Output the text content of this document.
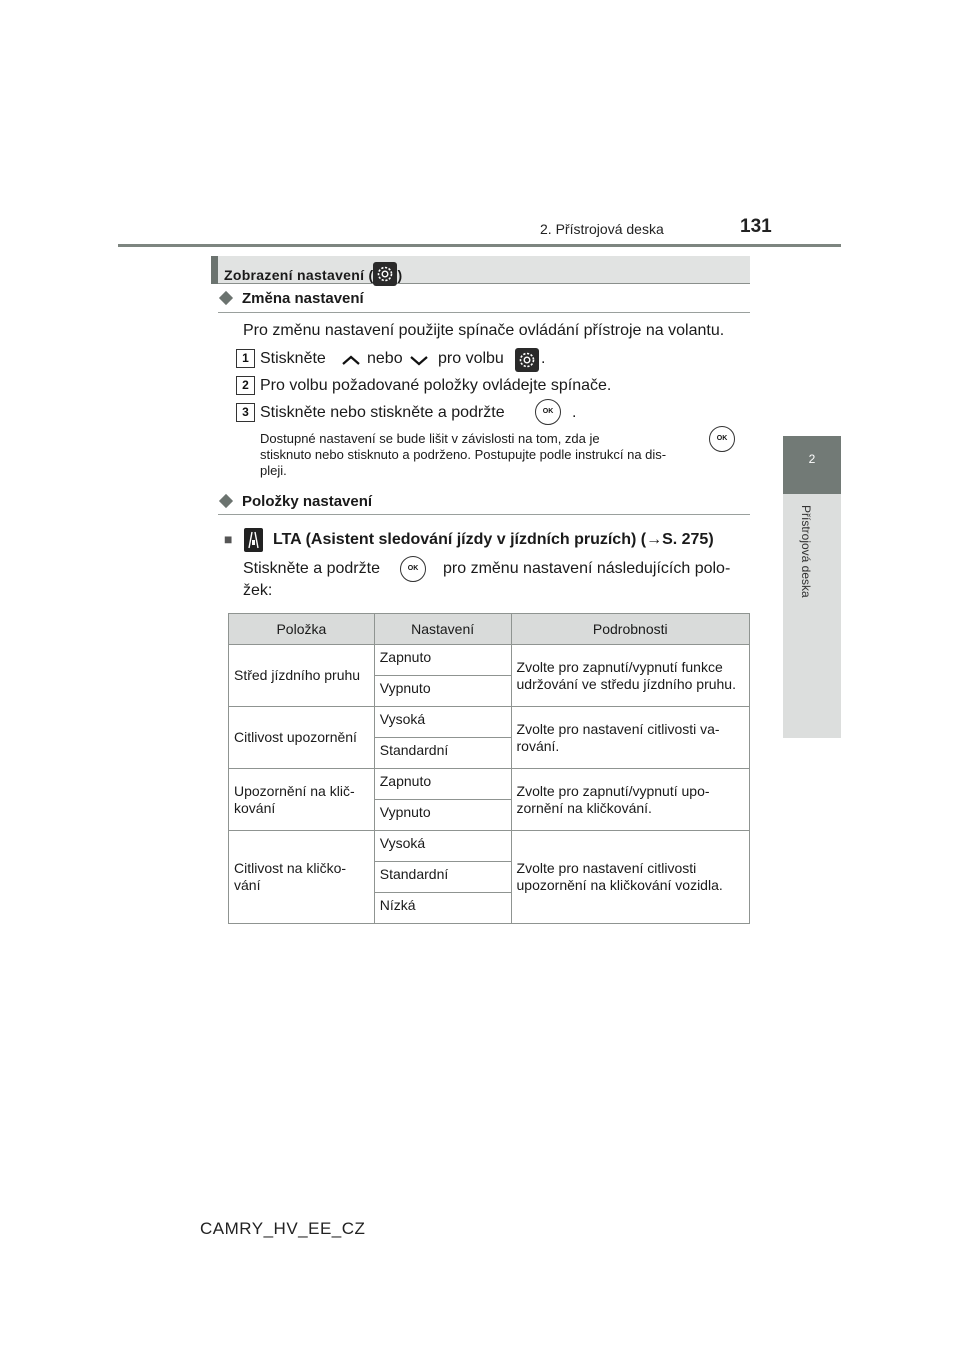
2. Přístrojová deska	131
2
Přístrojová deska
Zobrazení nastavení ( )
Změna nastavení
Pro změnu nastavení použijte spínače ovládání přístroje na volantu.
1 Stiskněte	nebo pro volbu .
2 Pro volbu požadované položky ovládejte spínače.
3 Stiskněte nebo stiskněte a podržte	OK	.
Dostupné nastavení se bude lišit v závislosti na tom, zda je	OK
stisknuto nebo stisknuto a podrženo. Postupujte podle instrukcí na dis-
pleji.
Položky nastavení
■	LTA (Asistent sledování jízdy v jízdních pruzích) (→S. 275)
Stiskněte a podržte	OK	pro změnu nastavení následujících polo-
žek:
Položka	Nastavení	Podrobnosti
Střed jízdního pruhu	Zapnuto	Zvolte pro zapnutí/vypnutí funkce udržování ve středu jízdního pruhu.
	Vypnuto	
Citlivost upozornění	Vysoká	Zvolte pro nastavení citlivosti va-rování.
	Standardní	
Upozornění na klič-kování	Zapnuto	Zvolte pro zapnutí/vypnutí upo-zornění na kličkování.
	Vypnuto	
Citlivost na kličko-vání	Vysoká	Zvolte pro nastavení citlivosti upozornění na kličkování vozidla.
	Standardní	
	Nízká	
CAMRY_HV_EE_CZ
